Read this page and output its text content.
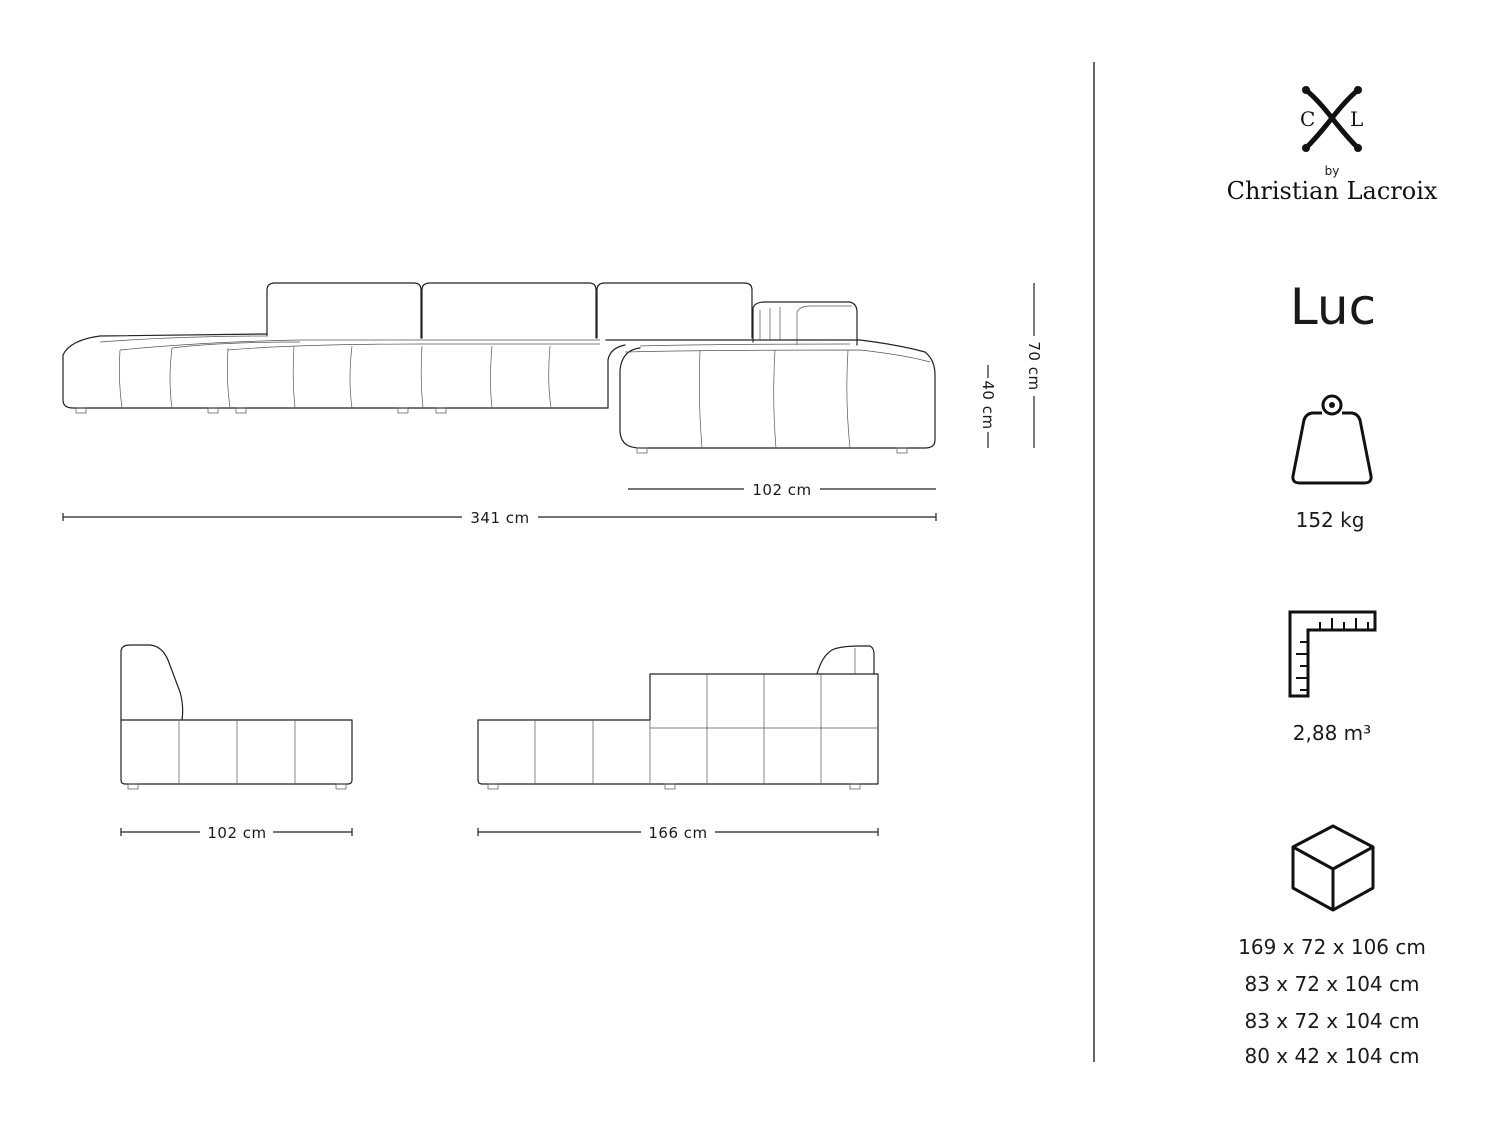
102 cm
341 cm
40 cm
70 cm
102 cm	166 cm
C L
by
Christian Lacroix
Luc
152 kg
2,88 m³
169 x 72 x 106 cm
83 x 72 x 104 cm
83 x 72 x 104 cm
80 x 42 x 104 cm
